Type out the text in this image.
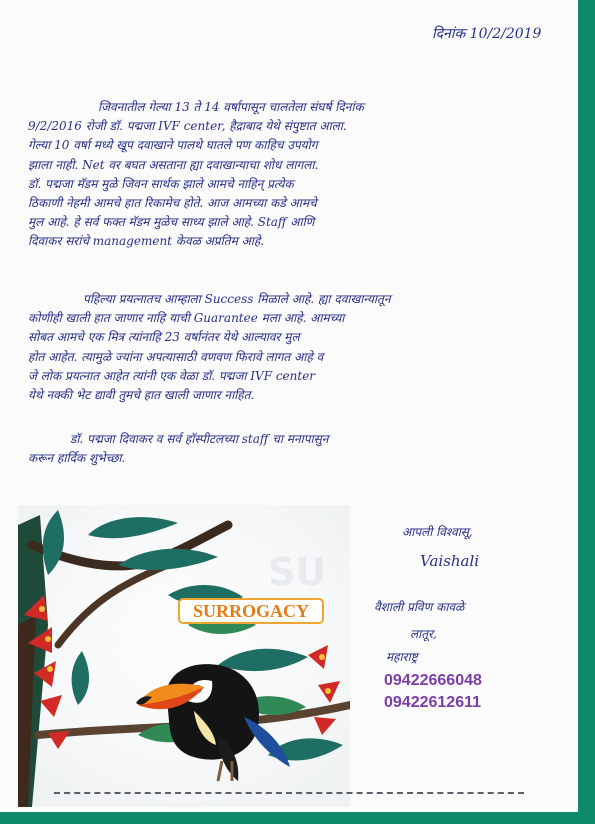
दिनांक 10/2/2019
जिवनातील गेल्या 13 ते 14 वर्षापासून चालतेला संघर्ष दिनांक
9/2/2016 रोजी डॉ. पद्मजा IVF center, हैद्राबाद येथे संपुष्टात आला.
गेल्या 10 वर्षा मध्ये खूप दवाखाने पालथे घातले पण काहिच उपयोग
झाला नाही. Net वर बघत असताना ह्या दवाखान्याचा शोध लागला.
डॉ. पद्मजा मॅडम मुळे जिवन सार्थक झाले आमचे नाहिन् प्रत्येक
ठिकाणी नेहमी आमचे हात रिकामेच होते. आज आमच्या कडे आमचे
मुल आहे. हे सर्व फक्त मॅडम मुळेच साध्य झाले आहे. Staff आणि
दिवाकर सरांचे management केवळ अप्रतिम आहे.
पहिल्या प्रयत्नातच आम्हाला Success मिळाले आहे. ह्या दवाखान्यातून
कोणीही खाली हात जाणार नाहि याची Guarantee मला आहे. आमच्या
सोबत आमचे एक मित्र त्यांनाहि 23 वर्षानंतर येथे आल्यावर मुल
होत आहेत. त्यामुळे ज्यांना अपत्यासाठी वणवण फिरावे लागत आहे व
जे लोक प्रयत्नात आहेत त्यांनी एक वेळा डॉ. पद्मजा IVF center
येथे नक्की भेट द्यावी तुमचे हात खाली जाणार नाहित.
डॉ. पद्मजा दिवाकर व सर्व हॉस्पीटलच्या staff चा मनापासुन
करून हार्दिक शुभेच्छा.
SU
SURROGACY
आपली विश्वासू,
Vaishali
वैशाली प्रविण कावळे
लातूर,
महाराष्ट्र
09422666048
09422612611
